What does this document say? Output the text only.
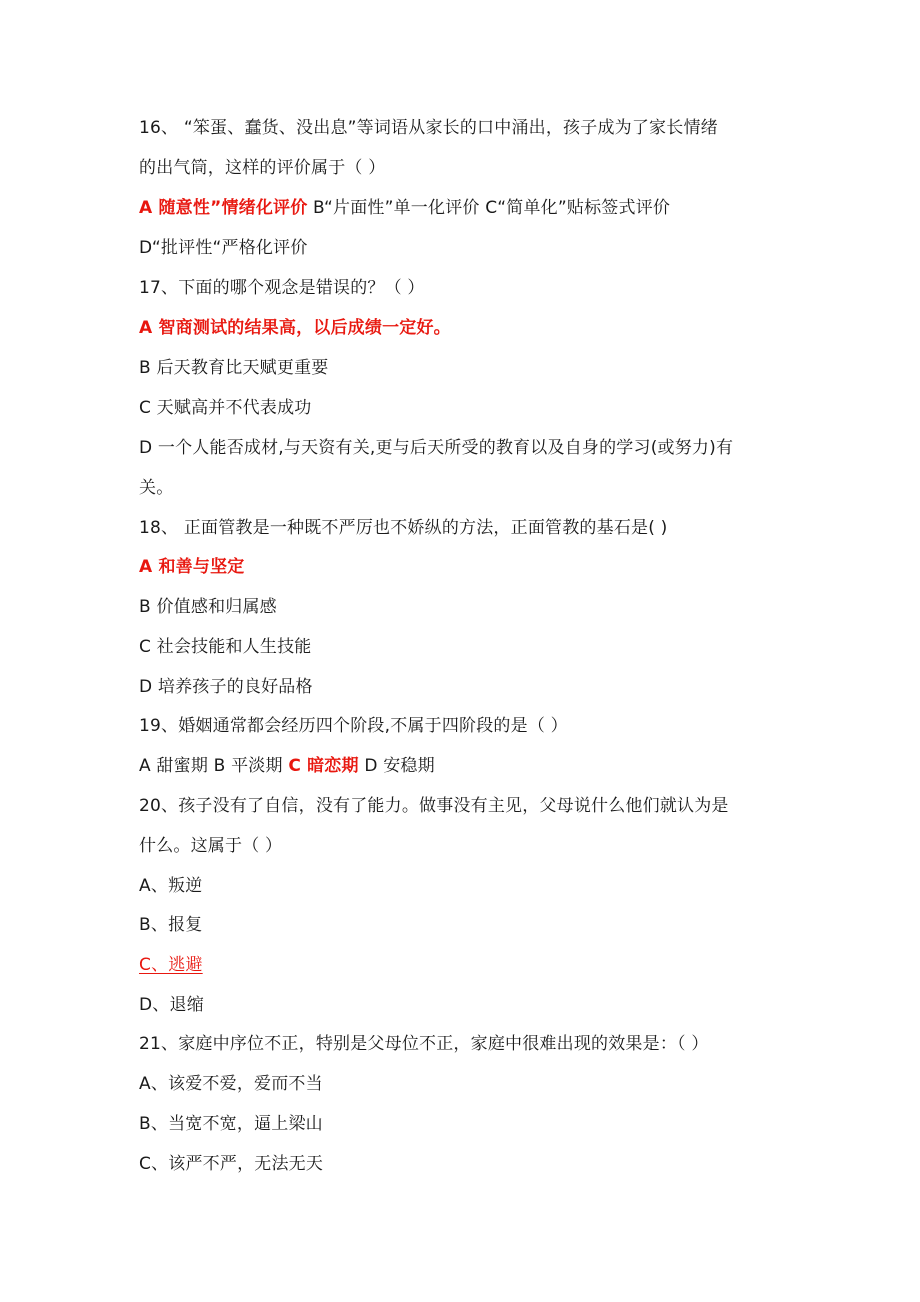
16、 “笨蛋、蠢货、没出息”等词语从家长的口中涌出，孩子成为了家长情绪
的出气筒，这样的评价属于（ ）
A 随意性”情绪化评价 B“片面性”单一化评价 C“简单化”贴标签式评价
D“批评性“严格化评价
17、下面的哪个观念是错误的？（ ）
A 智商测试的结果高，以后成绩一定好。
B 后天教育比天赋更重要
C 天赋高并不代表成功
D 一个人能否成材,与天资有关,更与后天所受的教育以及自身的学习(或努力)有
关。
18、 正面管教是一种既不严厉也不娇纵的方法，正面管教的基石是( )
A 和善与坚定
B 价值感和归属感
C 社会技能和人生技能
D 培养孩子的良好品格
19、婚姻通常都会经历四个阶段,不属于四阶段的是（ ）
A 甜蜜期 B 平淡期 C 暗恋期 D 安稳期
20、孩子没有了自信，没有了能力。做事没有主见，父母说什么他们就认为是
什么。这属于（ ）
A、叛逆
B、报复
C、逃避
D、退缩
21、家庭中序位不正，特别是父母位不正，家庭中很难出现的效果是：（ ）
A、该爱不爱，爱而不当
B、当宽不宽，逼上梁山
C、该严不严，无法无天
